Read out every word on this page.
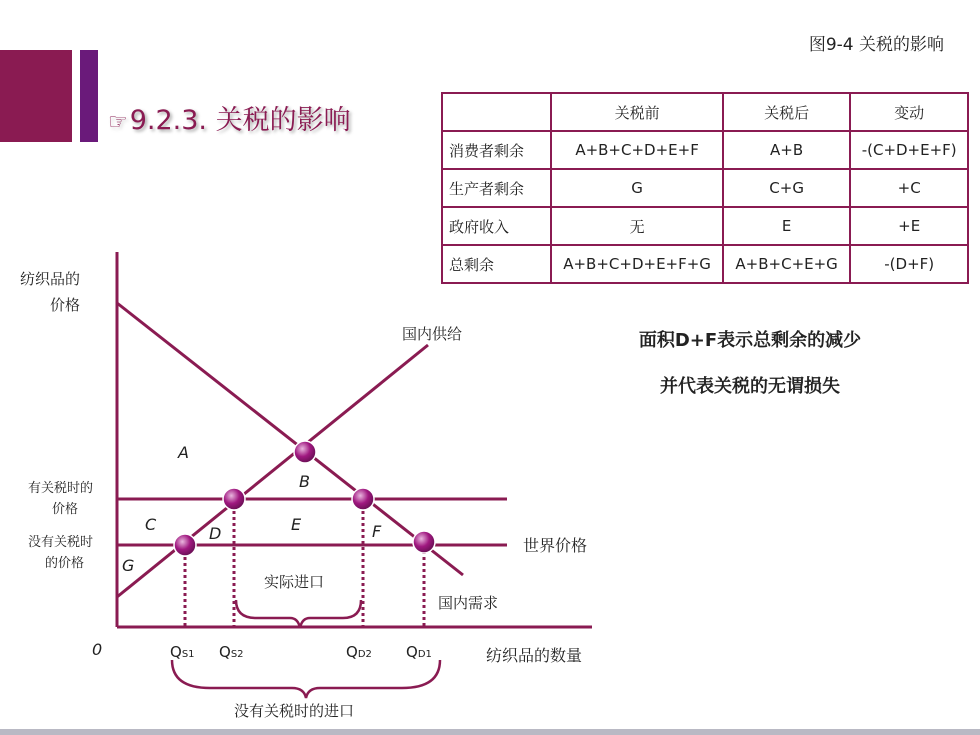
☞9.2.3. 关税的影响
图9-4 关税的影响
	关税前	关税后	变动
消费者剩余	A+B+C+D+E+F	A+B	-(C+D+E+F)
生产者剩余	G	C+G	+C
政府收入	无	E	+E
总剩余	A+B+C+D+E+F+G	A+B+C+E+G	-(D+F)
面积D+F表示总剩余的减少
并代表关税的无谓损失
纺织品的
价格
纺织品的数量
0
国内供给
国内需求
世界价格
有关税时的
价格
没有关税时
的价格
A
B
C	D	E	F
G
QS1 QS2	QD2 QD1
实际进口
没有关税时的进口
